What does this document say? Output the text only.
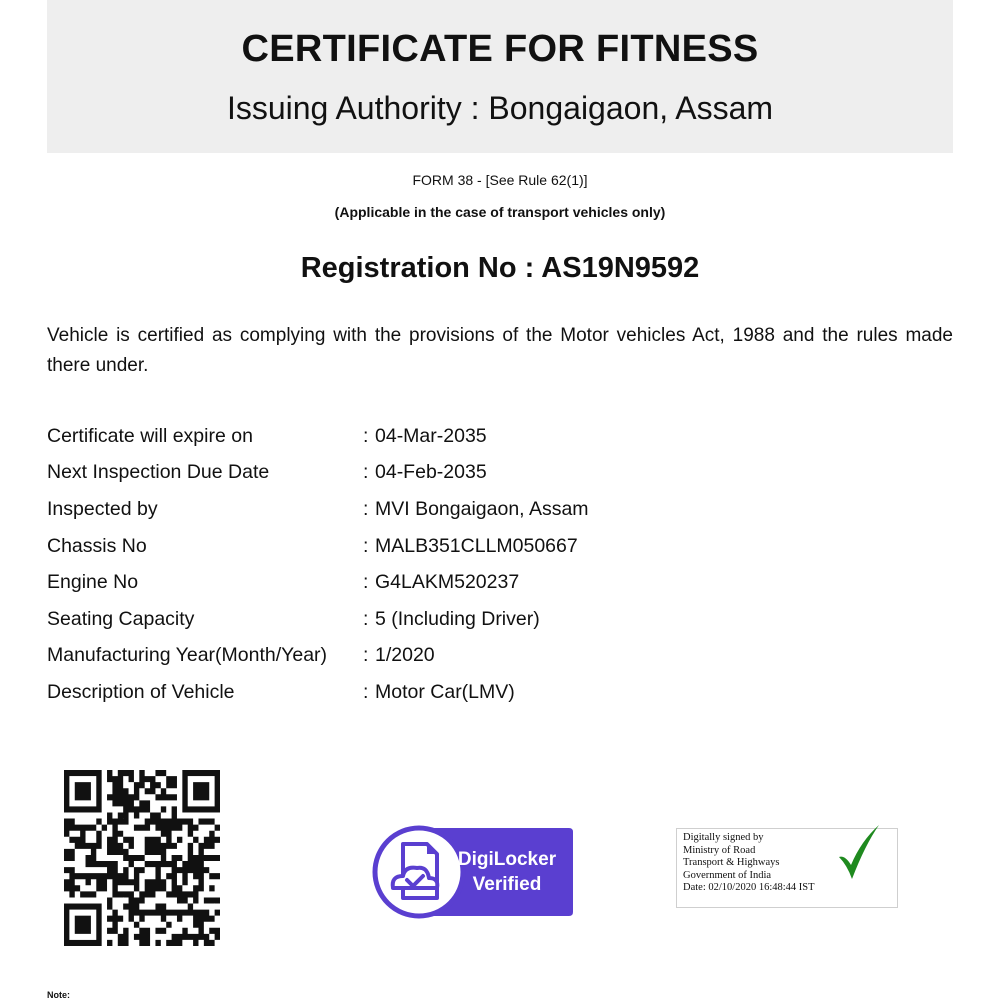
CERTIFICATE FOR FITNESS
Issuing Authority : Bongaigaon, Assam
FORM 38 - [See Rule 62(1)]
(Applicable in the case of transport vehicles only)
Registration No : AS19N9592
Vehicle is certified as complying with the provisions of the Motor vehicles Act, 1988 and the rules made there under.
Certificate will expire on	: 04-Mar-2035
Next Inspection Due Date	: 04-Feb-2035
Inspected by	: MVI Bongaigaon, Assam
Chassis No	: MALB351CLLM050667
Engine No	: G4LAKM520237
Seating Capacity	: 5 (Including Driver)
Manufacturing Year(Month/Year)	: 1/2020
Description of Vehicle	: Motor Car(LMV)
DigiLocker
Verified
Digitally signed by
Ministry of Road
Transport & Highways
Government of India
Date: 02/10/2020 16:48:44 IST
Note:
